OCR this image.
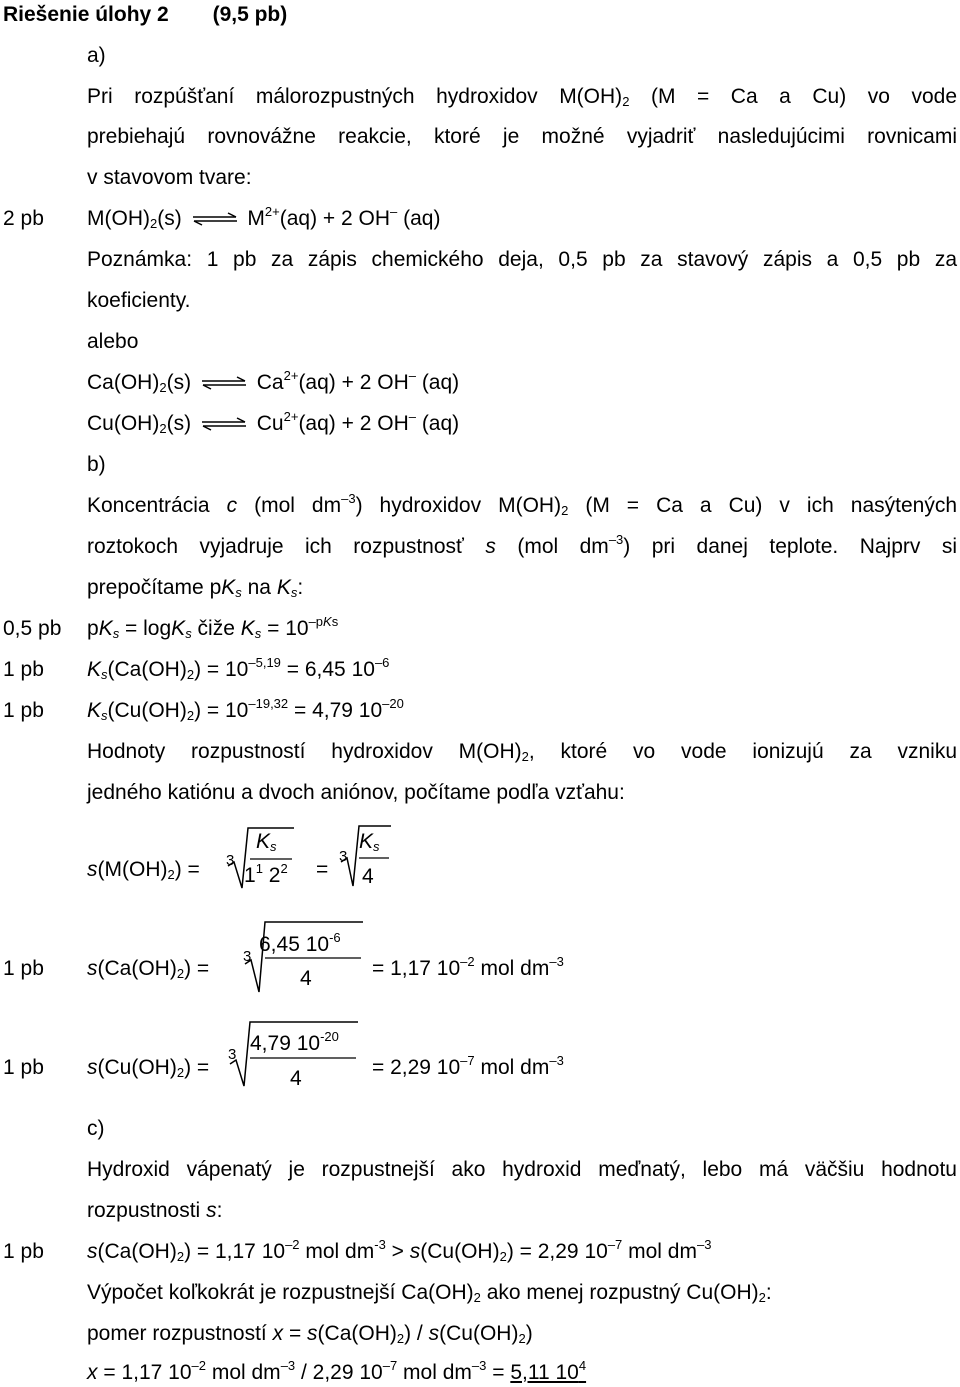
Riešenie úlohy 2 (9,5 pb)
a)
Pri rozpúšťaní málorozpustných hydroxidov $M(OH)_2$ (M = Ca a Cu) vo vode
prebiehajú rovnovážne reakcie, ktoré je možné vyjadriť nasledujúcimi rovnicami
v stavovom tvare:
2 pb $M(OH)_2(s)$ ⇌ $M^{2+}(aq) + 2$ OH– (aq)
Poznámka: 1 pb za zápis chemického deja, 0,5 pb za stavový zápis a 0,5 pb za
koeficienty.
alebo
$Ca(OH)_2(s)$ ⇌ $Ca^{2+}(aq) + 2$ OH– (aq)
$Cu(OH)_2(s)$ ⇌ $Cu^{2+}(aq) + 2$ OH– (aq)
b)
Koncentrácia c (mol $dm^{-3}$) hydroxidov $M(OH)_2$ (M = Ca a Cu) v ich nasýtených
roztokoch vyjadruje ich rozpustnosť s (mol $dm^{-3}$) pri danej teplote. Najprv si
prepočítame $pK_s$ na $K_s$:
0,5 pb $pK_s = \log K_s$ čiže $K_s = 10^{-pKs}$
1 pb $K_s(Ca(OH)_2) = 10^{-5,19} = 6,45$ $10^{-6}$
1 pb $K_s(Cu(OH)_2) = 10^{-19,32} = 4,79$ $10^{-20}$
Hodnoty rozpustností hydroxidov $M(OH)_2$, ktoré vo vode ionizujú za vzniku
jedného katiónu a dvoch aniónov, počítame podľa vzťahu:
$s(M(OH)_2) = 3$
$K_s$
$1^1$ $2^2$ =
3
$K_s$
4
1 pb $s(Ca(OH)_2)$ =
3
6,45 $10^{-6}$
4	= 1,17 $10^{-2}$ mol $dm^{-3}$
1 pb $s(Cu(OH)_2)$ =
3 4,79 $10^{-20}$
4	= 2,29 $10^{-7}$ mol $dm^{-3}$
c)
Hydroxid vápenatý je rozpustnejší ako hydroxid meďnatý, lebo má väčšiu hodnotu
rozpustnosti s:
1 pb $s(Ca(OH)_2) = 1,17$ $10^{-2}$ mol $dm^{-3} > s(Cu(OH)_2) = 2,29$ $10^{-7}$ mol $dm^{-3}$
Výpočet koľkokrát je rozpustnejší $Ca(OH)_2$ ako menej rozpustný $Cu(OH)_2$:
pomer rozpustností $x = s(Ca(OH)_2) / s(Cu(OH)_2)$
x = 1,17 $10^{-2}$ mol $dm^{-3} / 2,29$ $10^{-7}$ mol $dm^{-3} = 5,11$ $10^4$
